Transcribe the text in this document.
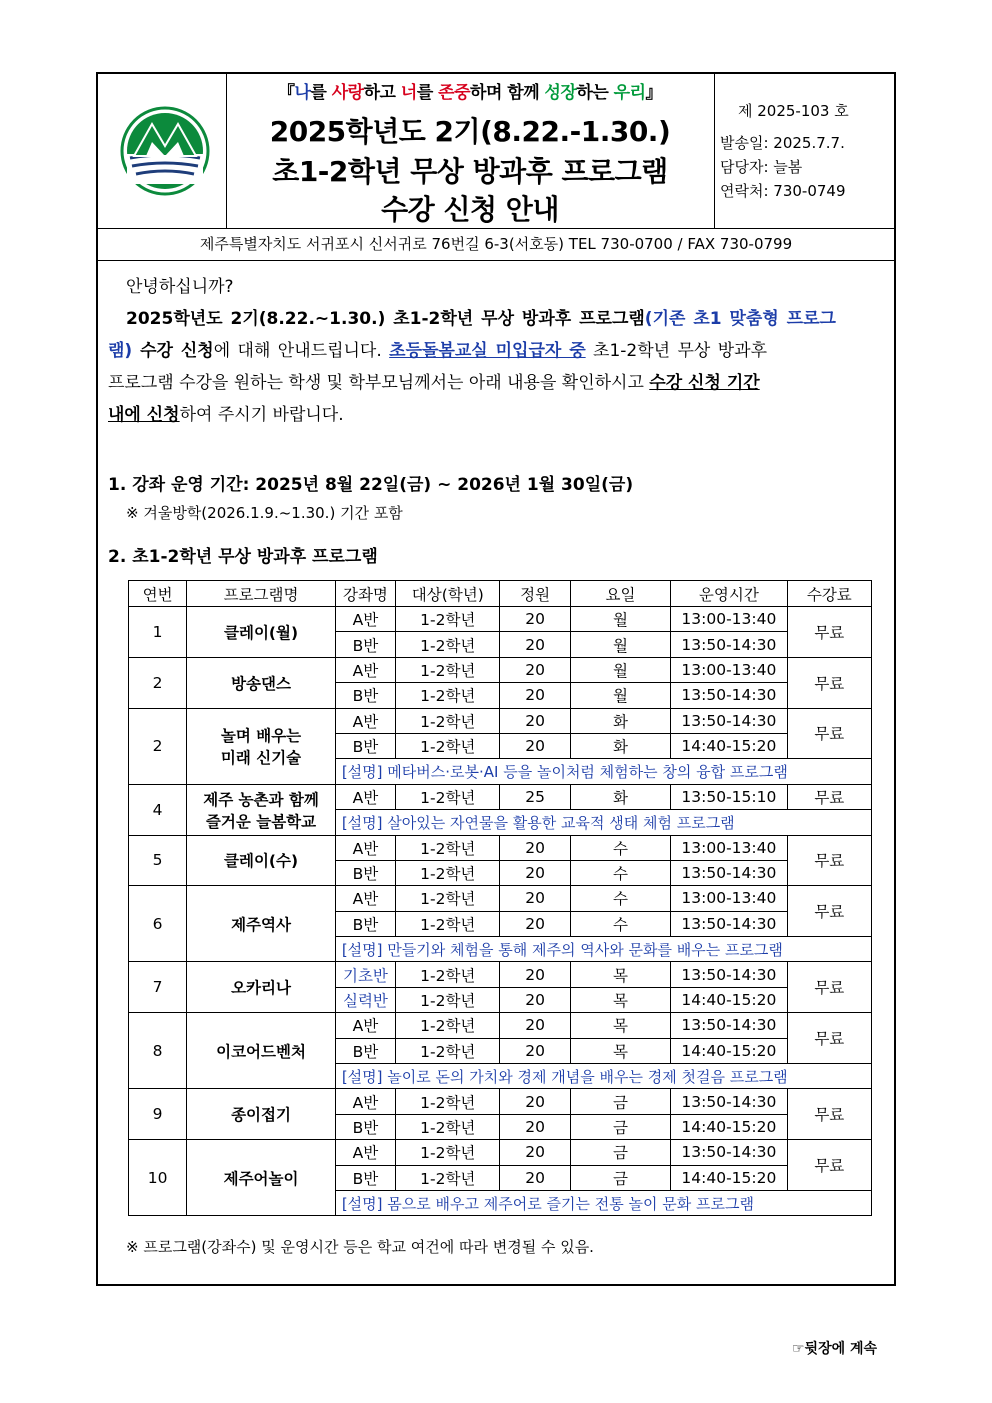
『나를 사랑하고 너를 존중하며 함께 성장하는 우리』
2025학년도 2기(8.22.-1.30.)
초1-2학년 무상 방과후 프로그램
수강 신청 안내
제 2025-103 호
발송일: 2025.7.7.
담당자: 늘봄
연락처: 730-0749
제주특별자치도 서귀포시 신서귀로 76번길 6-3(서호동) TEL 730-0700 / FAX 730-0799
안녕하십니까?
2025학년도 2기(8.22.~1.30.) 초1-2학년 무상 방과후 프로그램(기존 초1 맞춤형 프로그
램) 수강 신청에 대해 안내드립니다. 초등돌봄교실 미입급자 중 초1-2학년 무상 방과후
프로그램 수강을 원하는 학생 및 학부모님께서는 아래 내용을 확인하시고 수강 신청 기간
내에 신청하여 주시기 바랍니다.
1. 강좌 운영 기간: 2025년 8월 22일(금) ~ 2026년 1월 30일(금)
※ 겨울방학(2026.1.9.~1.30.) 기간 포함
2. 초1-2학년 무상 방과후 프로그램
연번	프로그램명	강좌명	대상(학년)	정원	요일	운영시간	수강료
1	클레이(월)	A반	1-2학년	20	월	13:00-13:40	무료
		B반	1-2학년	20	월	13:50-14:30	
2	방송댄스	A반	1-2학년	20	월	13:00-13:40	무료
		B반	1-2학년	20	월	13:50-14:30	
2	놀며 배우는
미래 신기술	A반	1-2학년	20	화	13:50-14:30	무료
		B반	1-2학년	20	화	14:40-15:20	
		[설명] 메타버스·로봇·AI 등을 놀이처럼 체험하는 창의 융합 프로그램					
4	제주 농촌과 함께
즐거운 늘봄학교	A반	1-2학년	25	화	13:50-15:10	무료
		[설명] 살아있는 자연물을 활용한 교육적 생태 체험 프로그램					
5	클레이(수)	A반	1-2학년	20	수	13:00-13:40	무료
		B반	1-2학년	20	수	13:50-14:30	
6	제주역사	A반	1-2학년	20	수	13:00-13:40	무료
		B반	1-2학년	20	수	13:50-14:30	
		[설명] 만들기와 체험을 통해 제주의 역사와 문화를 배우는 프로그램					
7	오카리나	기초반	1-2학년	20	목	13:50-14:30	무료
		실력반	1-2학년	20	목	14:40-15:20	
8	이코어드벤처	A반	1-2학년	20	목	13:50-14:30	무료
		B반	1-2학년	20	목	14:40-15:20	
		[설명] 놀이로 돈의 가치와 경제 개념을 배우는 경제 첫걸음 프로그램					
9	종이접기	A반	1-2학년	20	금	13:50-14:30	무료
		B반	1-2학년	20	금	14:40-15:20	
10	제주어놀이	A반	1-2학년	20	금	13:50-14:30	무료
		B반	1-2학년	20	금	14:40-15:20	
		[설명] 몸으로 배우고 제주어로 즐기는 전통 놀이 문화 프로그램					
※ 프로그램(강좌수) 및 운영시간 등은 학교 여건에 따라 변경될 수 있음.
☞뒷장에 계속
